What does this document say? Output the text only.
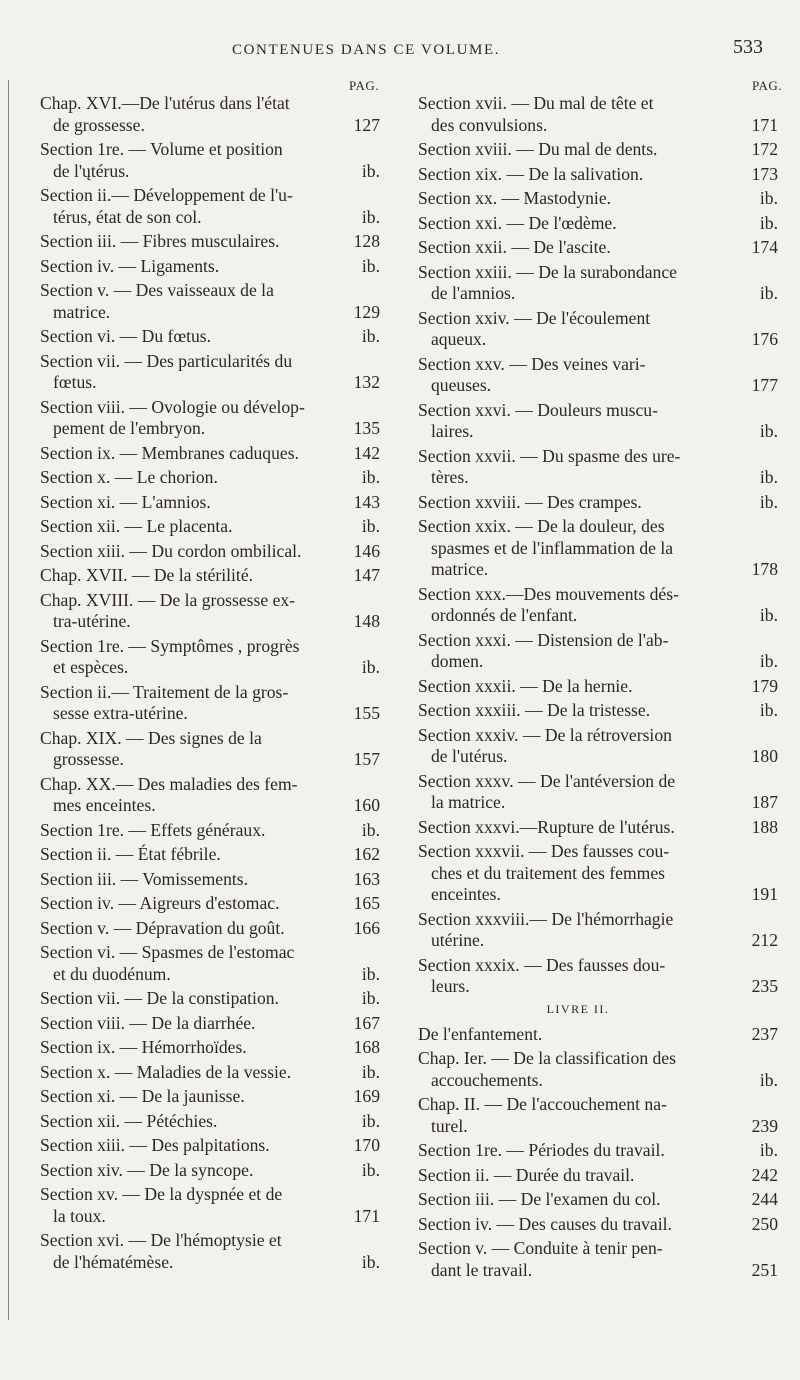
CONTENUES DANS CE VOLUME.	533
PAG.	PAG.
Chap. XVI.—De l'utérus dans l'état
de grossesse.	127
Section 1re. — Volume et position
de l'ųtérus.	ib.
Section ii.— Développement de l'u-
térus, état de son col.	ib.
Section iii. — Fibres musculaires.	128
Section iv. — Ligaments.	ib.
Section v. — Des vaisseaux de la
matrice.	129
Section vi. — Du fœtus.	ib.
Section vii. — Des particularités du
fœtus.	132
Section viii. — Ovologie ou dévelop-
pement de l'embryon.	135
Section ix. — Membranes caduques.	142
Section x. — Le chorion.	ib.
Section xi. — L'amnios.	143
Section xii. — Le placenta.	ib.
Section xiii. — Du cordon ombilical.	146
Chap. XVII. — De la stérilité.	147
Chap. XVIII. — De la grossesse ex-
tra-utérine.	148
Section 1re. — Symptômes , progrès
et espèces.	ib.
Section ii.— Traitement de la gros-
sesse extra-utérine.	155
Chap. XIX. — Des signes de la
grossesse.	157
Chap. XX.— Des maladies des fem-
mes enceintes.	160
Section 1re. — Effets généraux.	ib.
Section ii. — État fébrile.	162
Section iii. — Vomissements.	163
Section iv. — Aigreurs d'estomac.	165
Section v. — Dépravation du goût.	166
Section vi. — Spasmes de l'estomac
et du duodénum.	ib.
Section vii. — De la constipation.	ib.
Section viii. — De la diarrhée.	167
Section ix. — Hémorrhoïdes.	168
Section x. — Maladies de la vessie.	ib.
Section xi. — De la jaunisse.	169
Section xii. — Pétéchies.	ib.
Section xiii. — Des palpitations.	170
Section xiv. — De la syncope.	ib.
Section xv. — De la dyspnée et de
la toux.	171
Section xvi. — De l'hémoptysie et
de l'hématémèse.	ib.
Section xvii. — Du mal de tête et
des convulsions.	171
Section xviii. — Du mal de dents.	172
Section xix. — De la salivation.	173
Section xx. — Mastodynie.	ib.
Section xxi. — De l'œdème.	ib.
Section xxii. — De l'ascite.	174
Section xxiii. — De la surabondance
de l'amnios.	ib.
Section xxiv. — De l'écoulement
aqueux.	176
Section xxv. — Des veines vari-
queuses.	177
Section xxvi. — Douleurs muscu-
laires.	ib.
Section xxvii. — Du spasme des ure-
tères.	ib.
Section xxviii. — Des crampes.	ib.
Section xxix. — De la douleur, des
spasmes et de l'inflammation de la
matrice.	178
Section xxx.—Des mouvements dés-
ordonnés de l'enfant.	ib.
Section xxxi. — Distension de l'ab-
domen.	ib.
Section xxxii. — De la hernie.	179
Section xxxiii. — De la tristesse.	ib.
Section xxxiv. — De la rétroversion
de l'utérus.	180
Section xxxv. — De l'antéversion de
la matrice.	187
Section xxxvi.—Rupture de l'utérus.	188
Section xxxvii. — Des fausses cou-
ches et du traitement des femmes
enceintes.	191
Section xxxviii.— De l'hémorrhagie
utérine.	212
Section xxxix. — Des fausses dou-
leurs.	235
LIVRE II.
De l'enfantement.	237
Chap. Ier. — De la classification des
accouchements.	ib.
Chap. II. — De l'accouchement na-
turel.	239
Section 1re. — Périodes du travail.	ib.
Section ii. — Durée du travail.	242
Section iii. — De l'examen du col.	244
Section iv. — Des causes du travail.	250
Section v. — Conduite à tenir pen-
dant le travail.	251
